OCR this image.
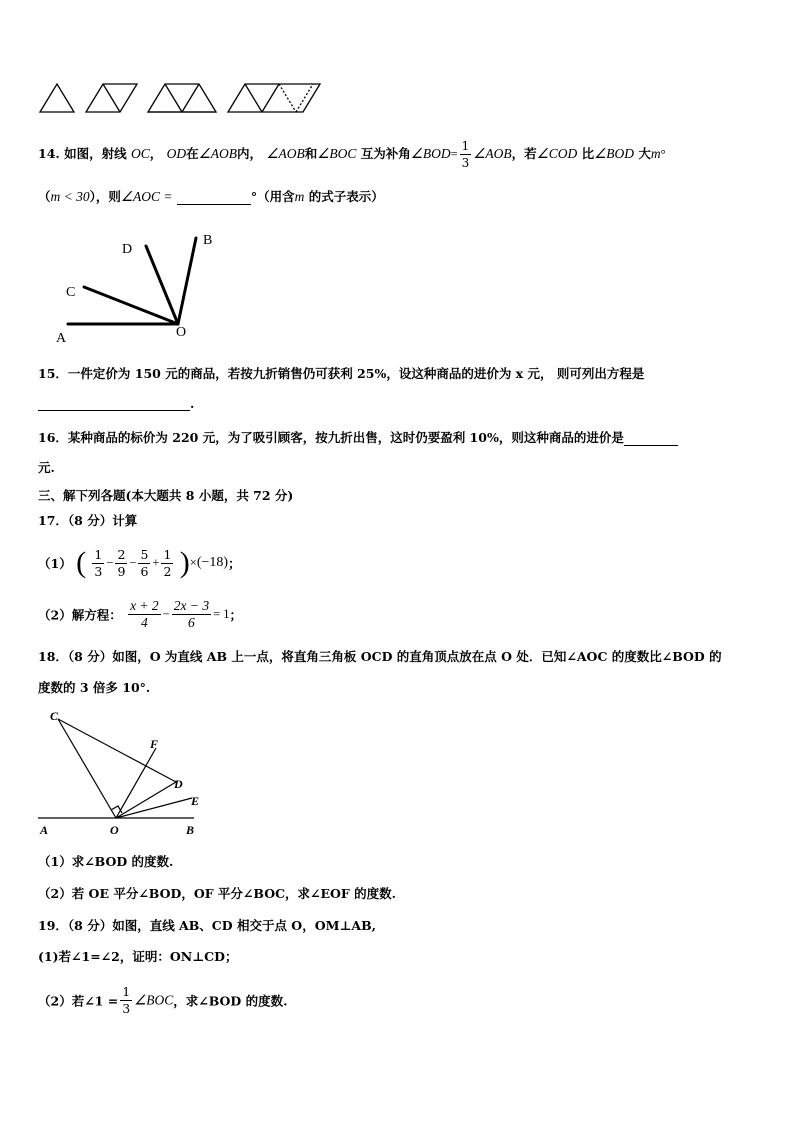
14. 如图，射线 OC， OD在∠AOB内， ∠AOB和∠BOC 互为补角∠BOD= $\frac{1}{3}$ ∠AOB，若∠COD 比∠BOD 大m°
（m < 30），则∠AOC =	°（用含m 的式子表示）
B
D
C
A	O
15．一件定价为 150 元的商品，若按九折销售仍可获利 25%，设这种商品的进价为 x 元， 则可列出方程是
.
16．某种商品的标价为 220 元，为了吸引顾客，按九折出售，这时仍要盈利 10%，则这种商品的进价是
元.
三、解下列各题(本大题共 8 小题，共 72 分)
17．（8 分）计算
（1） ( $\frac{1}{3} - \frac{2}{9} - \frac{5}{6} + \frac{1}{2} )\times(-18)$；
（2）解方程： $\frac{x + 2}{4} - \frac{2x - 3}{6} = 1$；
18．（8 分）如图，O 为直线 AB 上一点，将直角三角板 OCD 的直角顶点放在点 O 处．已知∠AOC 的度数比∠BOD 的
度数的 3 倍多 10°.
C
F
D
E
A	O	B
（1）求∠BOD 的度数.
（2）若 OE 平分∠BOD，OF 平分∠BOC，求∠EOF 的度数.
19．（8 分）如图，直线 AB、CD 相交于点 O，OM⊥AB,
(1)若∠1=∠2，证明：ON⊥CD；
（2）若∠1 = $\frac{1}{3}$ ∠BOC，求∠BOD 的度数.
